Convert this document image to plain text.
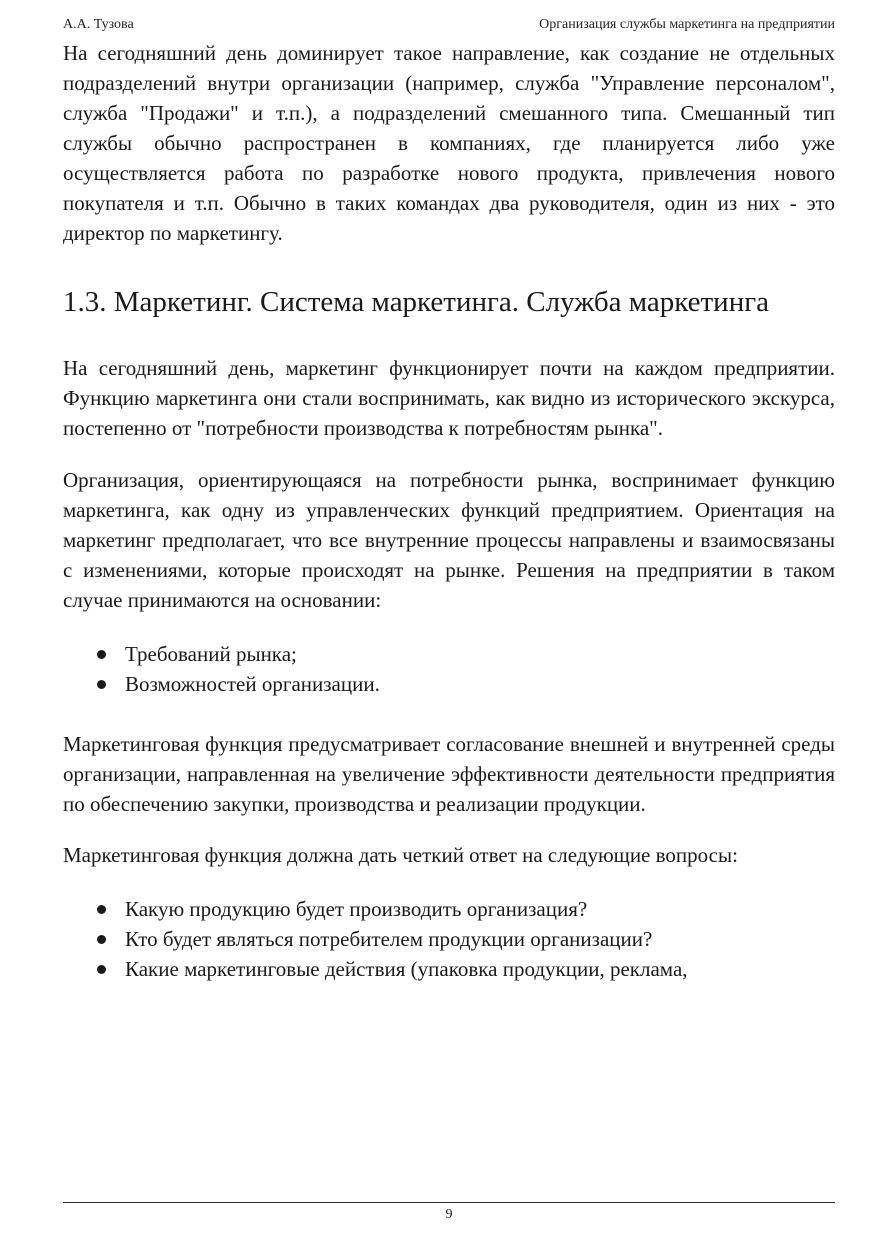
А.А. Тузова	Организация службы маркетинга на предприятии

На сегодняшний день доминирует такое направление, как создание не отдельных подразделений внутри организации (например, служба "Управление персоналом", служба "Продажи" и т.п.), а подразделений смешанного типа. Смешанный тип службы обычно распространен в компаниях, где планируется либо уже осуществляется работа по разработке нового продукта, привлечения нового покупателя и т.п. Обычно в таких командах два руководителя, один из них - это директор по маркетингу.

1.3. Маркетинг. Система маркетинга. Служба маркетинга

На сегодняшний день, маркетинг функционирует почти на каждом предприятии. Функцию маркетинга они стали воспринимать, как видно из исторического экскурса, постепенно от "потребности производства к потребностям рынка".

Организация, ориентирующаяся на потребности рынка, воспринимает функцию маркетинга, как одну из управленческих функций предприятием. Ориентация на маркетинг предполагает, что все внутренние процессы направлены и взаимосвязаны с изменениями, которые происходят на рынке. Решения на предприятии в таком случае принимаются на основании:

Требований рынка;
Возможностей организации.

Маркетинговая функция предусматривает согласование внешней и внутренней среды организации, направленная на увеличение эффективности деятельности предприятия по обеспечению закупки, производства и реализации продукции.

Маркетинговая функция должна дать четкий ответ на следующие вопросы:

Какую продукцию будет производить организация?
Кто будет являться потребителем продукции организации?
Какие маркетинговые действия (упаковка продукции, реклама,
9
